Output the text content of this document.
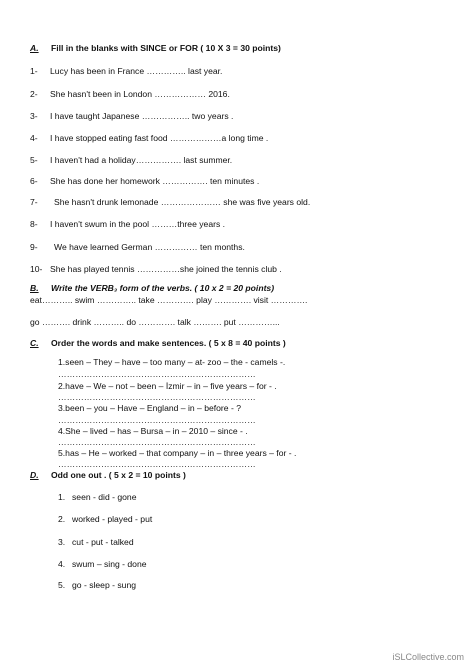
A. Fill in the blanks with SINCE or FOR ( 10 X 3 = 30 points)
1- Lucy has been in France ………….. last year.
2- She hasn't been in London ……………… 2016.
3- I have taught Japanese …………….. two years .
4- I have stopped eating fast food ………………a long time .
5- I haven't had a holiday……………. last summer.
6- She has done her homework ……………. ten minutes .
7- She hasn't drunk lemonade ………………… she was five years old.
8- I haven't swum in the pool ………three years .
9- We have learned German …………… ten months.
10- She has played tennis ……………she joined the tennis club .
B. Write the VERB₃ form of the verbs. ( 10 x 2 = 20 points)
eat……….. swim ………….. take …………. play …………. visit ………….
go ………. drink ……….. do …………. talk ………. put …………...
C. Order the words and make sentences. ( 5 x 8 = 40 points )
1.seen – They – have – too many – at- zoo – the - camels -.
……………………………………………………………
2.have – We – not – been – İzmir – in – five years – for - .
……………………………………………………………
3.been – you – Have – England – in – before - ?
……………………………………………………………
4.She – lived – has – Bursa – in – 2010 – since - .
……………………………………………………………
5.has – He – worked – that company – in – three years – for - .
……………………………………………………………
D. Odd one out . ( 5 x 2 = 10 points )
1. seen - did - gone
2. worked - played - put
3. cut - put - talked
4. swum – sing - done
5. go - sleep - sung
iSLCollective.com
